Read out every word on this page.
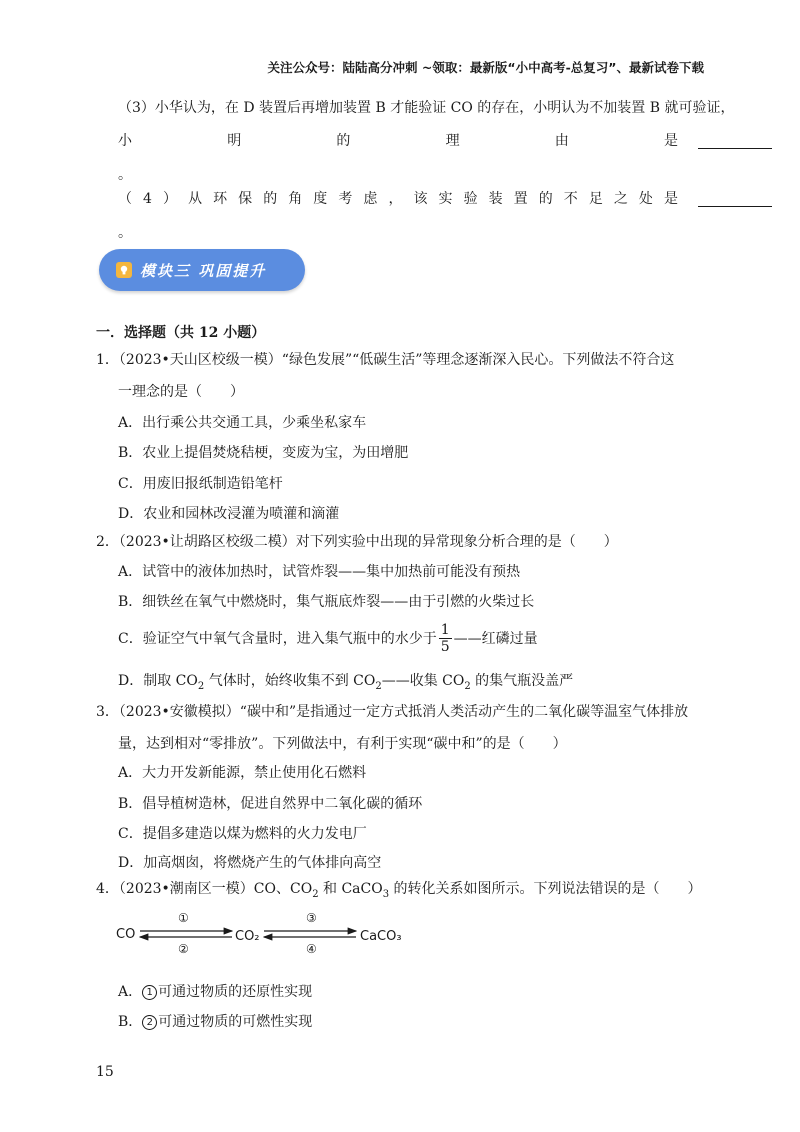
关注公众号：陆陆高分冲刺 ~领取：最新版“小中高考-总复习”、最新试卷下载
（3）小华认为，在 D 装置后再增加装置 B 才能验证 CO 的存在，小明认为不加装置 B 就可验证，
小	明	的	理	由	是
。
（ 4 ） 从 环 保 的 角 度 考 虑 ， 该 实 验 装 置 的 不 足 之 处 是
。
模块三 巩固提升
一．选择题（共 12 小题）
1．（2023•天山区校级一模）“绿色发展”“低碳生活”等理念逐渐深入民心。下列做法不符合这
一理念的是（　　）
A．出行乘公共交通工具，少乘坐私家车
B．农业上提倡焚烧秸梗，变废为宝，为田增肥
C．用废旧报纸制造铅笔杆
D．农业和园林改浸灌为喷灌和滴灌
2．（2023•让胡路区校级二模）对下列实验中出现的异常现象分析合理的是（　　）
A．试管中的液体加热时，试管炸裂——集中加热前可能没有预热
B．细铁丝在氧气中燃烧时，集气瓶底炸裂——由于引燃的火柴过长
C．验证空气中氧气含量时，进入集气瓶中的水少于 $\frac{1}{5}$ ——红磷过量
D．制取 $CO_2$ 气体时，始终收集不到 $CO_2——$收集 $CO_2$ 的集气瓶没盖严
3．（2023•安徽模拟）“碳中和”是指通过一定方式抵消人类活动产生的二氧化碳等温室气体排放
量，达到相对“零排放”。下列做法中，有利于实现“碳中和”的是（　　）
A．大力开发新能源，禁止使用化石燃料
B．倡导植树造林，促进自然界中二氧化碳的循环
C．提倡多建造以煤为燃料的火力发电厂
D．加高烟囱，将燃烧产生的气体排向高空
4．（2023•潮南区一模）CO、$CO_2$ 和 CaCO$_3$ 的转化关系如图所示。下列说法错误的是（　　）
CO	CO₂	CaCO₃
①
②
③
④
A． 1 可通过物质的还原性实现
B． 2 可通过物质的可燃性实现
15
